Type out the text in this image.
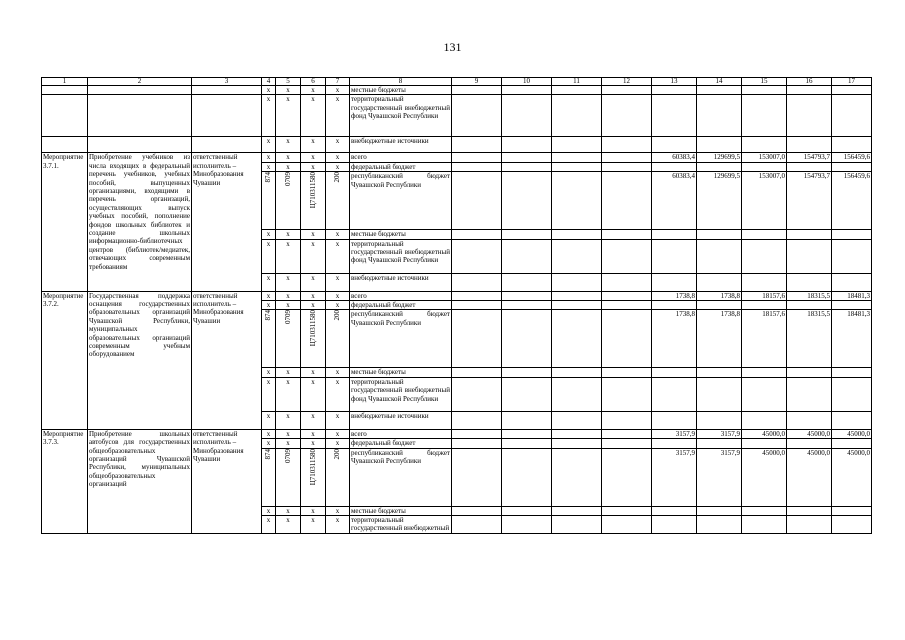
131
1	2	3	4	5	6	7	8	9	10	11	12	13	14	15	16	17
			x	x	x	x	местные бюджеты									
			x	x	x	x	территориальный государственный внебюджетный фонд Чувашской Республики									
			x	x	x	x	внебюджетные источники									
Мероприятие 3.7.1.	Приобретение учебников из числа входящих в федеральный перечень учебников, учебных пособий, выпущенных организациями, входящими в перечень организаций, осуществляющих выпуск учебных пособий, пополнение фондов школьных библиотек и создание школьных информационно-библиотечных центров (библиотек/медиатек, отвечающих современным требованиям	ответственный исполнитель – Минобразования Чувашии	x	x	x	x	всего					60383,4	129699,5	153007,0	154793,7	156459,6
			x	x	x	x	федеральный бюджет									
			874	0709	Ц710311580	200	республиканский бюджет Чувашской Республики					60383,4	129699,5	153007,0	154793,7	156459,6
			x	x	x	x	местные бюджеты									
			x	x	x	x	территориальный государственный внебюджетный фонд Чувашской Республики									
			x	x	x	x	внебюджетные источники									
Мероприятие 3.7.2.	Государственная поддержка оснащения государственных образовательных организаций Чувашской Республики, муниципальных образовательных организаций современным учебным оборудованием	ответственный исполнитель – Минобразования Чувашии	x	x	x	x	всего					1738,8	1738,8	18157,6	18315,5	18481,3
			x	x	x	x	федеральный бюджет									
			874	0709	Ц710311580	200	республиканский бюджет Чувашской Республики					1738,8	1738,8	18157,6	18315,5	18481,3
			x	x	x	x	местные бюджеты									
			x	x	x	x	территориальный государственный внебюджетный фонд Чувашской Республики									
			x	x	x	x	внебюджетные источники									
Мероприятие 3.7.3.	Приобретение школьных автобусов для государственных общеобразовательных организаций Чувашской Республики, муниципальных общеобразовательных организаций	ответственный исполнитель – Минобразования Чувашии	x	x	x	x	всего					3157,9	3157,9	45000,0	45000,0	45000,0
			x	x	x	x	федеральный бюджет									
			874	0709	Ц710311580	200	республиканский бюджет Чувашской Республики					3157,9	3157,9	45000,0	45000,0	45000,0
			x	x	x	x	местные бюджеты									
			x	x	x	x	территориальный государственный внебюджетный									
